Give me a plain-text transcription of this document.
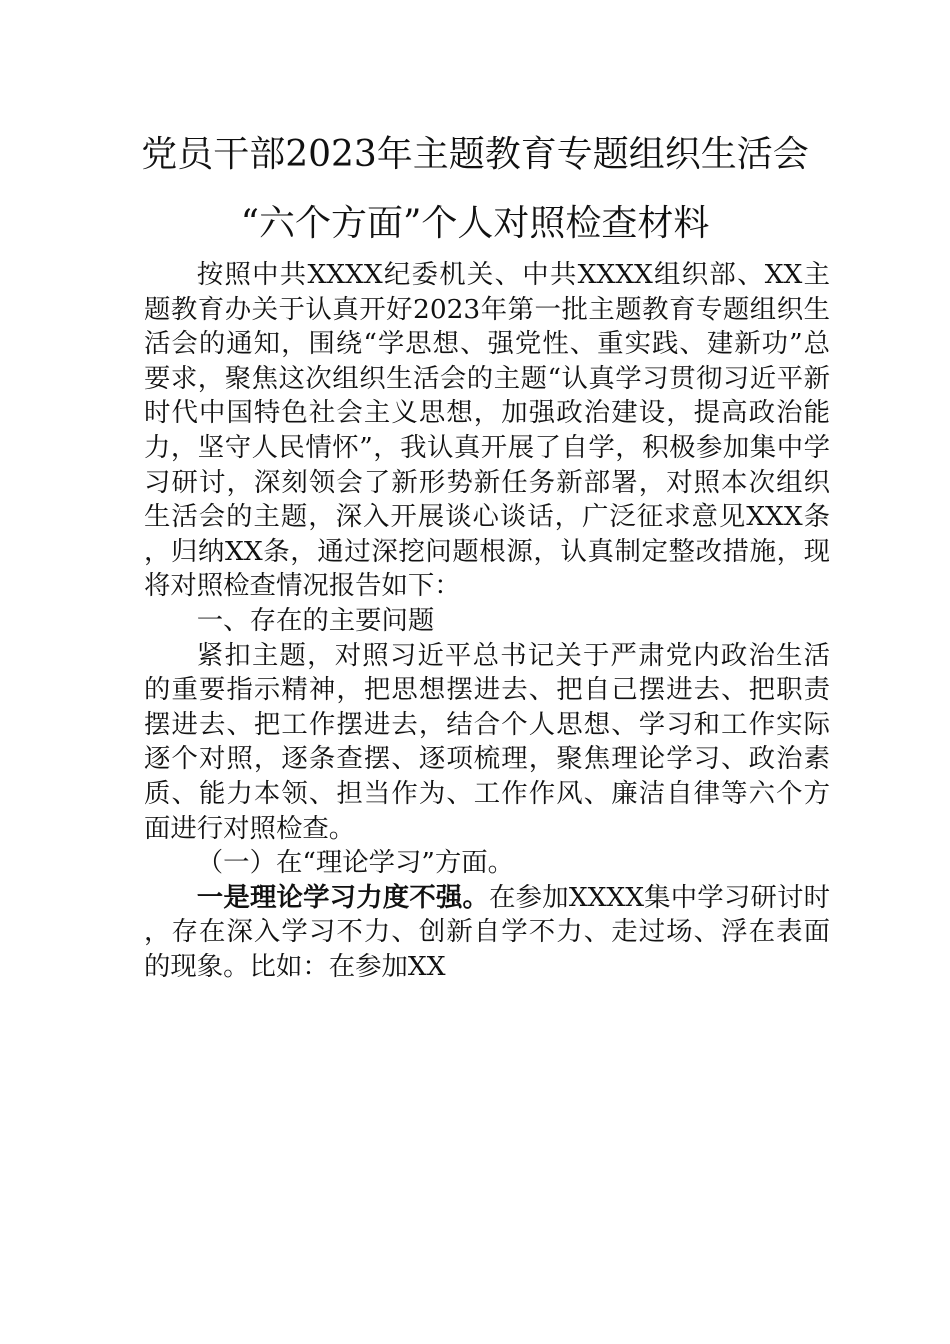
党员干部2023年主题教育专题组织生活会
“六个方面”个人对照检查材料

按照中共XXXX纪委机关、中共XXXX组织部、XX主题教育办关于认真开好2023年第一批主题教育专题组织生活会的通知，围绕“学思想、强党性、重实践、建新功”总要求，聚焦这次组织生活会的主题“认真学习贯彻习近平新时代中国特色社会主义思想，加强政治建设，提高政治能力，坚守人民情怀”，我认真开展了自学，积极参加集中学习研讨，深刻领会了新形势新任务新部署，对照本次组织生活会的主题，深入开展谈心谈话，广泛征求意见XXX条，归纳XX条，通过深挖问题根源，认真制定整改措施，现将对照检查情况报告如下：

一、存在的主要问题

紧扣主题，对照习近平总书记关于严肃党内政治生活的重要指示精神，把思想摆进去、把自己摆进去、把职责摆进去、把工作摆进去，结合个人思想、学习和工作实际逐个对照，逐条查摆、逐项梳理，聚焦理论学习、政治素质、能力本领、担当作为、工作作风、廉洁自律等六个方面进行对照检查。

（一）在“理论学习”方面。

一是理论学习力度不强。在参加XXXX集中学习研讨时，存在深入学习不力、创新自学不力、走过场、浮在表面的现象。比如：在参加XX
